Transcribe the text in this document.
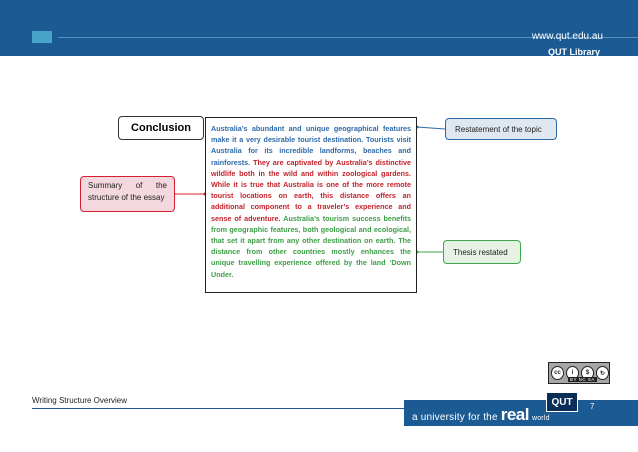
www.qut.edu.au
QUT Library
Conclusion
Summary of the structure of the essay
Restatement of the topic
Thesis restated
Australia’s abundant and unique geographical features make it a very desirable tourist destination. Tourists visit Australia for its incredible landforms, beaches and rainforests. They are captivated by Australia’s distinctive wildlife both in the wild and within zoological gardens. While it is true that Australia is one of the more remote tourist locations on earth, this distance offers an additional component to a traveler’s experience and sense of adventure. Australia’s tourism success benefits from geographic features, both geological and ecological, that set it apart from any other destination on earth. The distance from other countries mostly enhances the unique travelling experience offered by the land ‘Down Under.
cc	i	$	↻
BY NC SA
Writing Structure Overview
a university for the real world
QUT	7
